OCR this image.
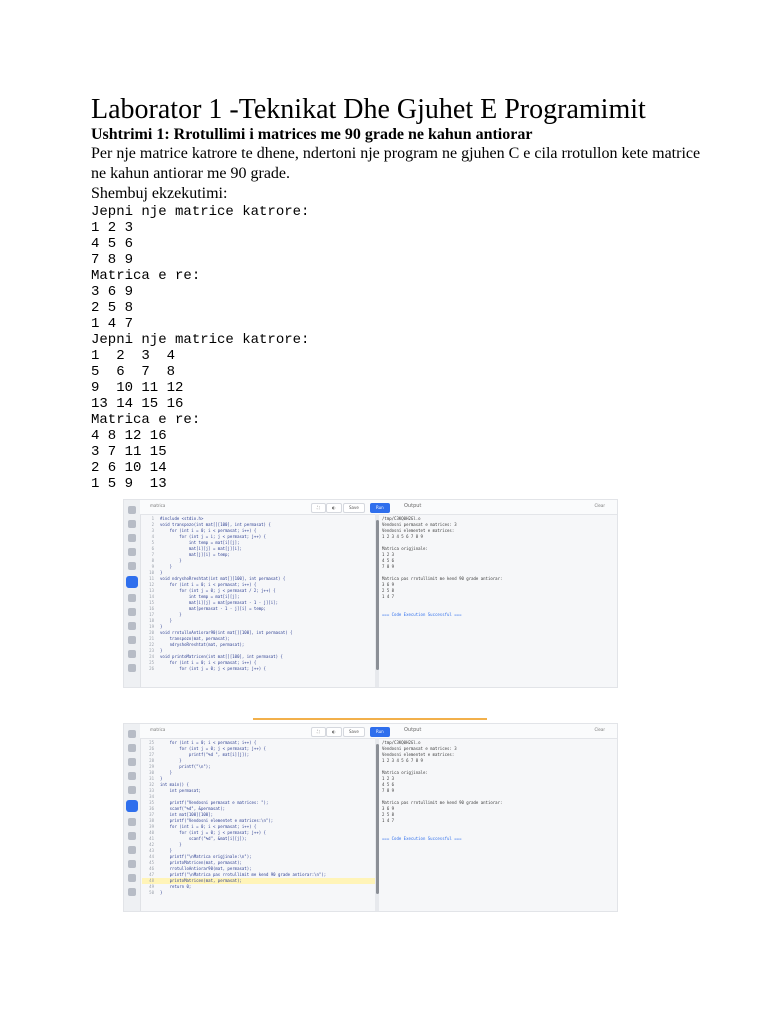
Laborator 1 -Teknikat Dhe Gjuhet E Programimit

Ushtrimi 1: Rrotullimi i matrices me 90 grade ne kahun antiorar

Per nje matrice katrore te dhene, ndertoni nje program ne gjuhen C e cila rrotullon kete matrice

ne kahun antiorar me 90 grade.

Shembuj ekzekutimi:

Jepni nje matrice katrore:
1 2 3
4 5 6
7 8 9
Matrica e re:
3 6 9
2 5 8
1 4 7
Jepni nje matrice katrore:
1  2  3  4
5  6  7  8
9  10 11 12
13 14 15 16
Matrica e re:
4 8 12 16
3 7 11 15
2 6 10 14
1 5 9  13
matrica	⛶	◐	Save	Run	Output	Clear
1 #include <stdio.h>
2 void transpozo(int mat[][100], int permasat) {
3    for (int i = 0; i < permasat; i++) {
4        for (int j = i; j < permasat; j++) {
5            int temp = mat[i][j];
6            mat[i][j] = mat[j][i];
7            mat[j][i] = temp;
8        }
9    }
10 }
11 void ndryshoRreshtat(int mat[][100], int permasat) {
12    for (int i = 0; i < permasat; i++) {
13        for (int j = 0; j < permasat / 2; j++) {
14            int temp = mat[i][j];
15            mat[i][j] = mat[permasat - 1 - j][i];
16            mat[permasat - 1 - j][i] = temp;
17        }
18    }
19 }
20 void rrotulloAntiorar90(int mat[][100], int permasat) {
21    transpozo(mat, permasat);
22    ndryshoRreshtat(mat, permasat);
23 }
24 void printoMatricen(int mat[][100], int permasat) {
25    for (int i = 0; i < permasat; i++) {
26        for (int j = 0; j < permasat; j++) {
/tmp/C3KQ0H2Gl.o
Vendosni permasat e matrices: 3
Vendosni elementet e matrices:
1 2 3 4 5 6 7 8 9

Matrica origjinale:
1 2 3
4 5 6
7 8 9

Matrica pas rrotullimit me kend 90 grade antiorar:
3 6 9
2 5 8
1 4 7

=== Code Execution Successful ===
matrica	⛶	◐	Save	Run	Output	Clear
25    for (int i = 0; i < permasat; i++) {
26        for (int j = 0; j < permasat; j++) {
27            printf("%d ", mat[i][j]);
28        }
29        printf("\n");
30    }
31 }
32 int main() {
33    int permasat;
34
35    printf("Vendosni permasat e matrices: ");
36    scanf("%d", &permasat);
37    int mat[100][100];
38    printf("Vendosni elementet e matrices:\n");
39    for (int i = 0; i < permasat; i++) {
40        for (int j = 0; j < permasat; j++) {
41            scanf("%d", &mat[i][j]);
42        }
43    }
44    printf("\nMatrica origjinale:\n");
45    printoMatricen(mat, permasat);
46    rrotulloAntiorar90(mat, permasat);
47    printf("\nMatrica pas rrotullimit me kend 90 grade antiorar:\n");
48    printoMatricen(mat, permasat);
49    return 0;
50 }
/tmp/C3KQ0H2Gl.o
Vendosni permasat e matrices: 3
Vendosni elementet e matrices:
1 2 3 4 5 6 7 8 9

Matrica origjinale:
1 2 3
4 5 6
7 8 9

Matrica pas rrotullimit me kend 90 grade antiorar:
3 6 9
2 5 8
1 4 7

=== Code Execution Successful ===
